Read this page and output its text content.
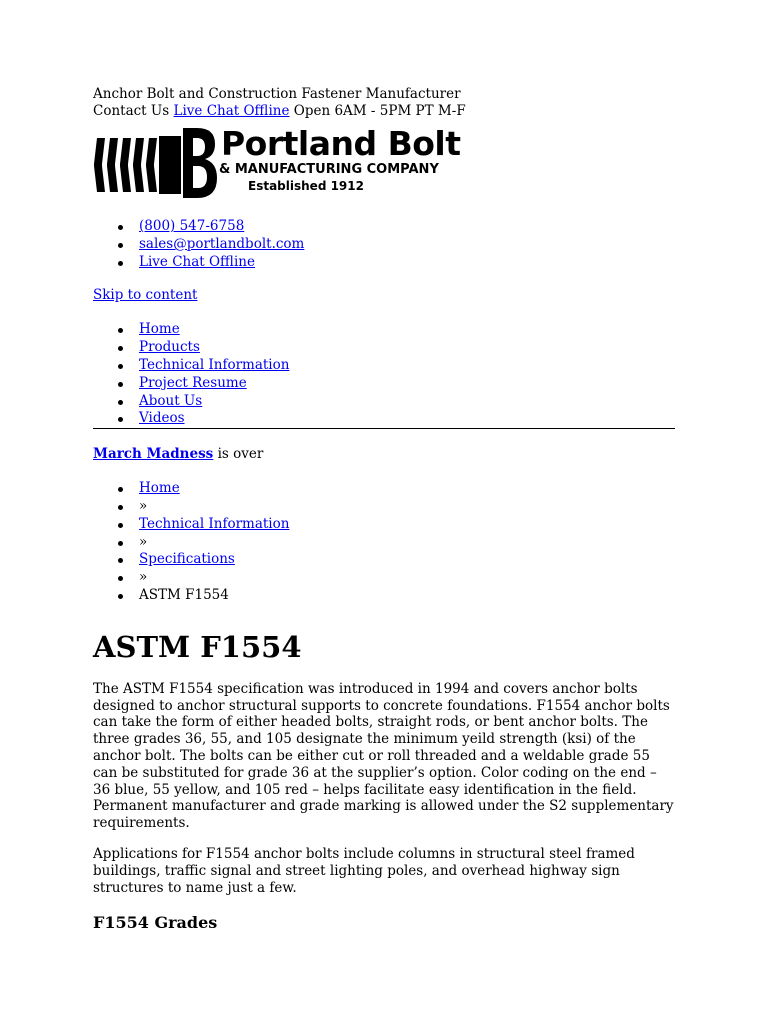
Anchor Bolt and Construction Fastener Manufacturer
Contact Us Live Chat Offline Open 6AM - 5PM PT M-F
Portland Bolt
& MANUFACTURING COMPANY
Established 1912
(800) 547-6758
sales@portlandbolt.com
Live Chat Offline
Skip to content
Home
Products
Technical Information
Project Resume
About Us
Videos
March Madness is over
Home
»
Technical Information
»
Specifications
»
ASTM F1554
ASTM F1554

The ASTM F1554 specification was introduced in 1994 and covers anchor bolts designed to anchor structural supports to concrete foundations. F1554 anchor bolts can take the form of either headed bolts, straight rods, or bent anchor bolts. The three grades 36, 55, and 105 designate the minimum yeild strength (ksi) of the anchor bolt. The bolts can be either cut or roll threaded and a weldable grade 55 can be substituted for grade 36 at the supplier’s option. Color coding on the end – 36 blue, 55 yellow, and 105 red – helps facilitate easy identification in the field. Permanent manufacturer and grade marking is allowed under the S2 supplementary requirements.

Applications for F1554 anchor bolts include columns in structural steel framed buildings, traffic signal and street lighting poles, and overhead highway sign structures to name just a few.

F1554 Grades
